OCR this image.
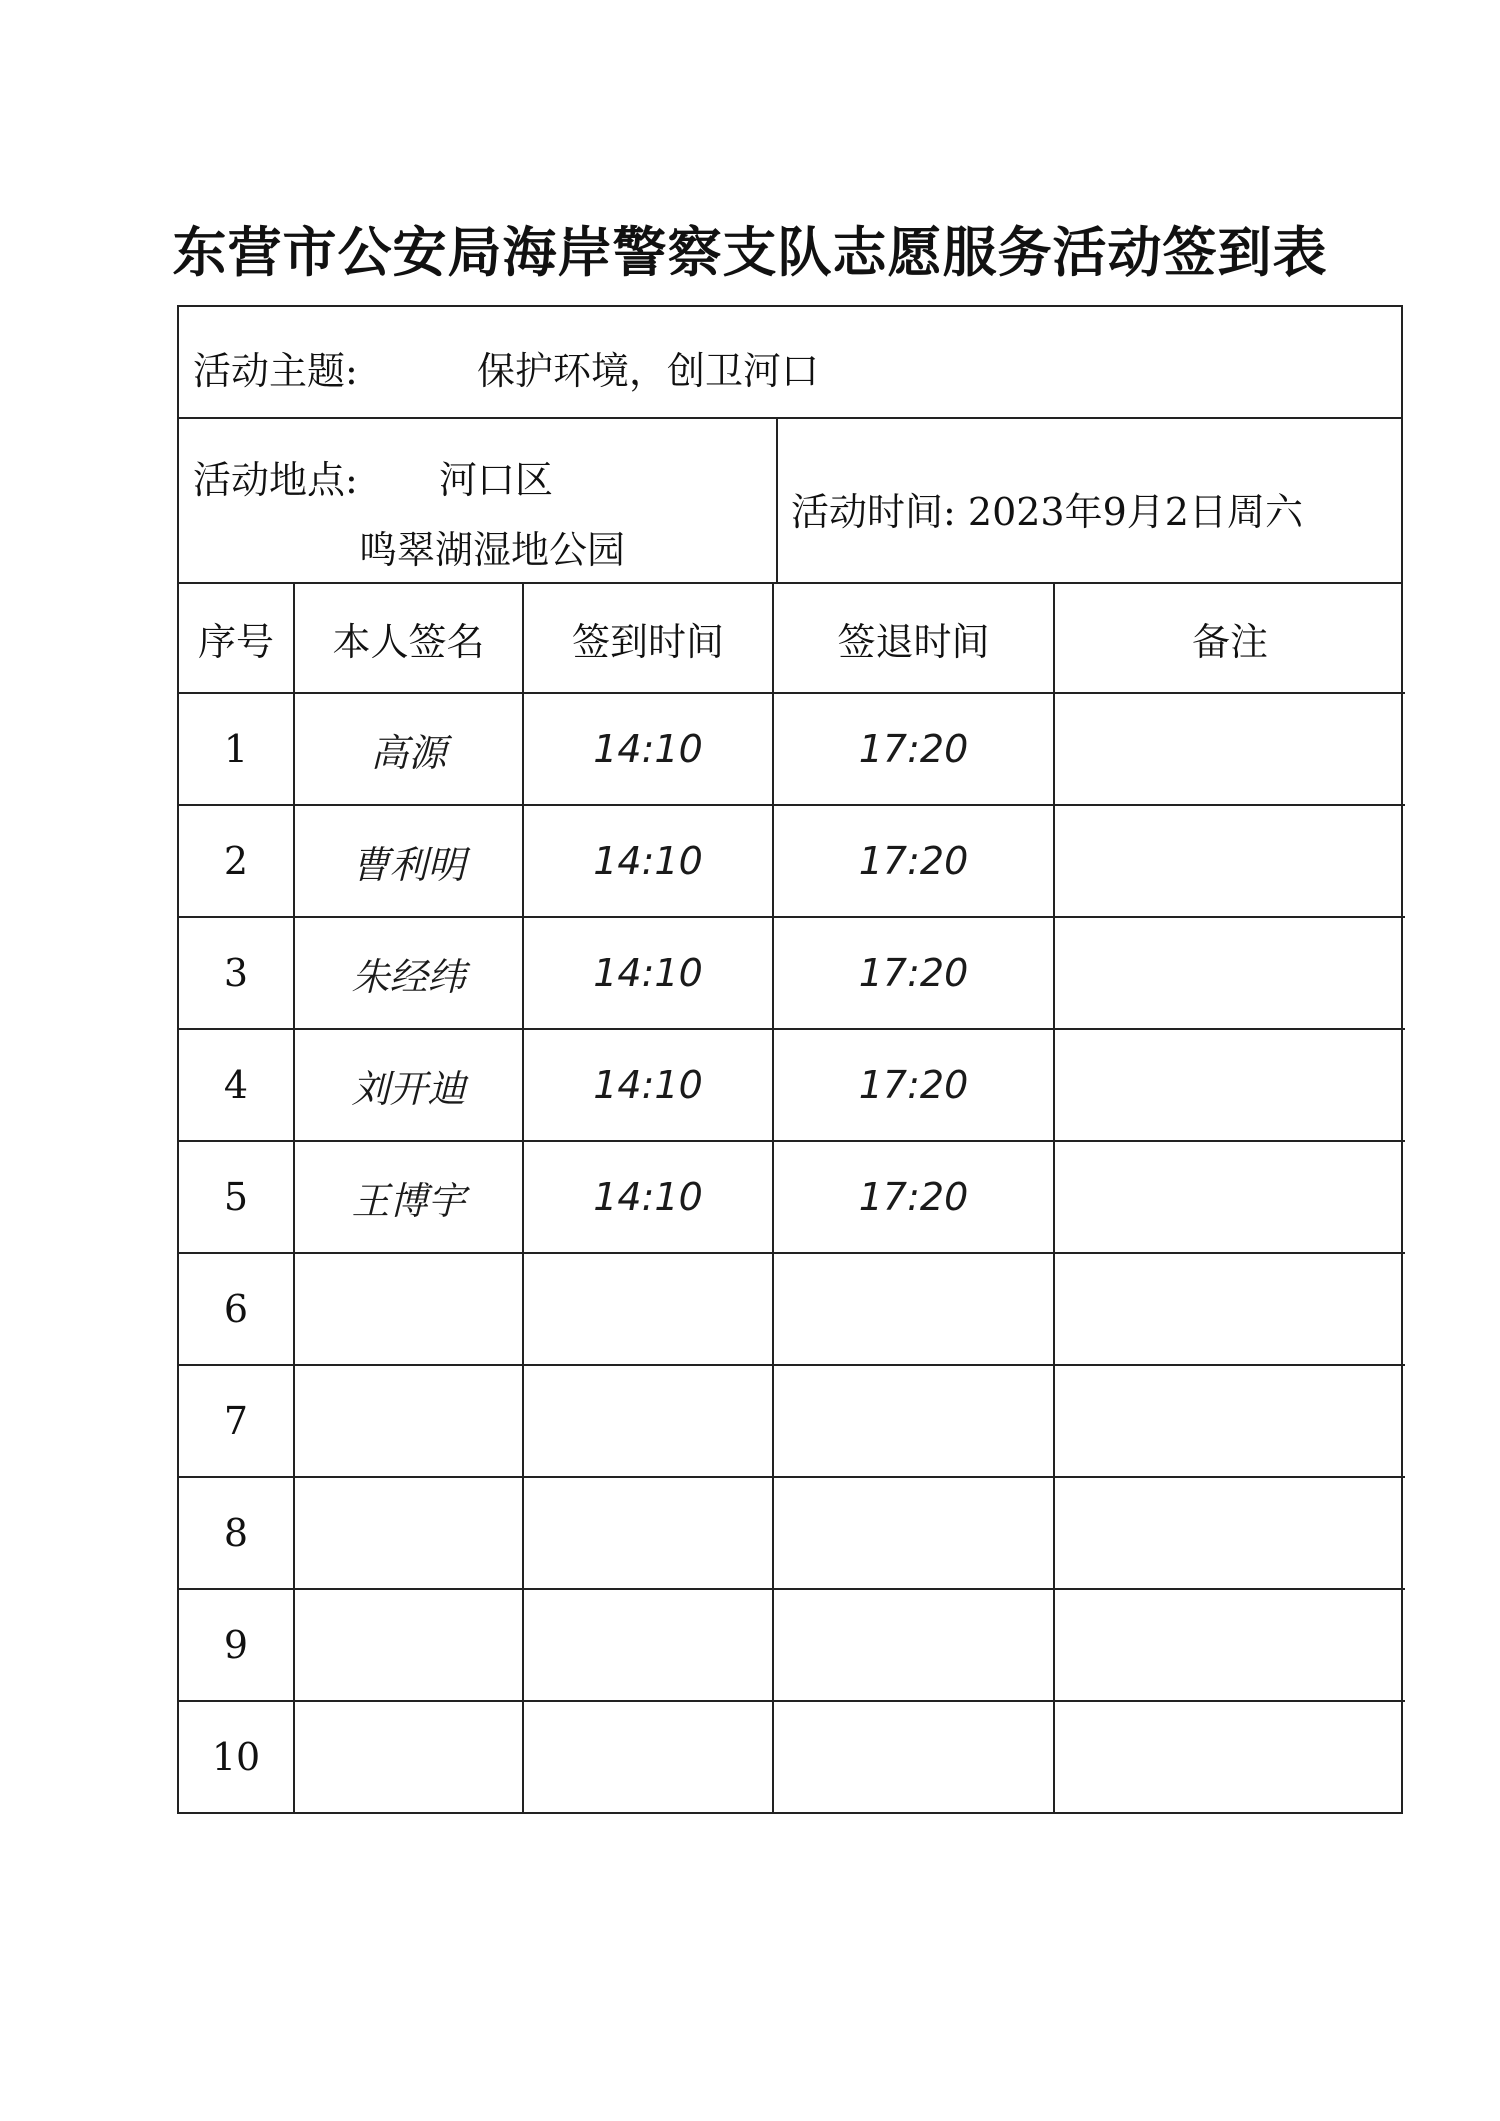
东营市公安局海岸警察支队志愿服务活动签到表
活动主题:	保护环境，创卫河口
活动地点: 河口区
鸣翠湖湿地公园
活动时间: 2023年9月2日周六
序号	本人签名	签到时间	签退时间	备注
1	高源	14:10	17:20	
2	曹利明	14:10	17:20	
3	朱经纬	14:10	17:20	
4	刘开迪	14:10	17:20	
5	王博宇	14:10	17:20	
6				
7				
8				
9				
10				
